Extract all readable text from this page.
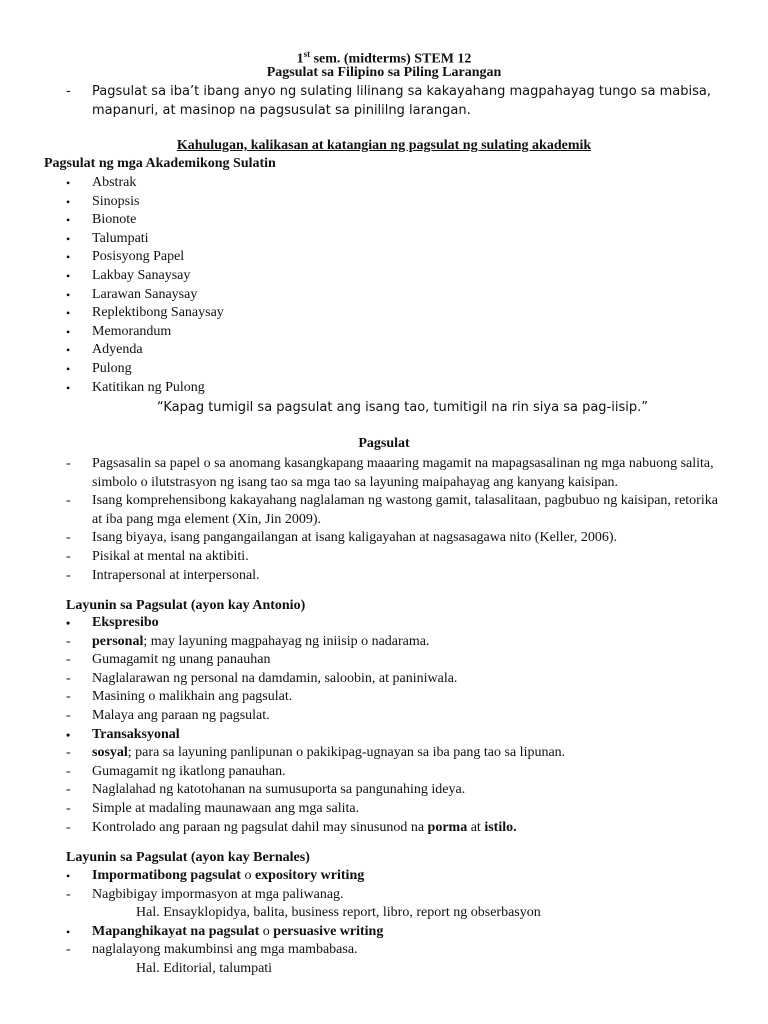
1st sem. (midterms) STEM 12
Pagsulat sa Filipino sa Piling Larangan
- Pagsulat sa iba’t ibang anyo ng sulating lilinang sa kakayahang magpahayag tungo sa mabisa, mapanuri, at masinop na pagsusulat sa pinililng larangan.
Kahulugan, kalikasan at katangian ng pagsulat ng sulating akademik
Pagsulat ng mga Akademikong Sulatin
• Abstrak
• Sinopsis
• Bionote
• Talumpati
• Posisyong Papel
• Lakbay Sanaysay
• Larawan Sanaysay
• Replektibong Sanaysay
• Memorandum
• Adyenda
• Pulong
• Katitikan ng Pulong
“Kapag tumigil sa pagsulat ang isang tao, tumitigil na rin siya sa pag-iisip.”
Pagsulat
- Pagsasalin sa papel o sa anomang kasangkapang maaaring magamit na mapagsasalinan ng mga nabuong salita, simbolo o ilutstrasyon ng isang tao sa mga tao sa layuning maipahayag ang kanyang kaisipan.
- Isang komprehensibong kakayahang naglalaman ng wastong gamit, talasalitaan, pagbubuo ng kaisipan, retorika at iba pang mga element (Xin, Jin 2009).
- Isang biyaya, isang pangangailangan at isang kaligayahan at nagsasagawa nito (Keller, 2006).
- Pisikal at mental na aktibiti.
- Intrapersonal at interpersonal.
Layunin sa Pagsulat (ayon kay Antonio)
• Ekspresibo
- personal; may layuning magpahayag ng iniisip o nadarama.
- Gumagamit ng unang panauhan
- Naglalarawan ng personal na damdamin, saloobin, at paniniwala.
- Masining o malikhain ang pagsulat.
- Malaya ang paraan ng pagsulat.
• Transaksyonal
- sosyal; para sa layuning panlipunan o pakikipag-ugnayan sa iba pang tao sa lipunan.
- Gumagamit ng ikatlong panauhan.
- Naglalahad ng katotohanan na sumusuporta sa pangunahing ideya.
- Simple at madaling maunawaan ang mga salita.
- Kontrolado ang paraan ng pagsulat dahil may sinusunod na porma at istilo.
Layunin sa Pagsulat (ayon kay Bernales)
• Impormatibong pagsulat o expository writing
- Nagbibigay impormasyon at mga paliwanag.
Hal. Ensayklopidya, balita, business report, libro, report ng obserbasyon
• Mapanghikayat na pagsulat o persuasive writing
- naglalayong makumbinsi ang mga mambabasa.
Hal. Editorial, talumpati
